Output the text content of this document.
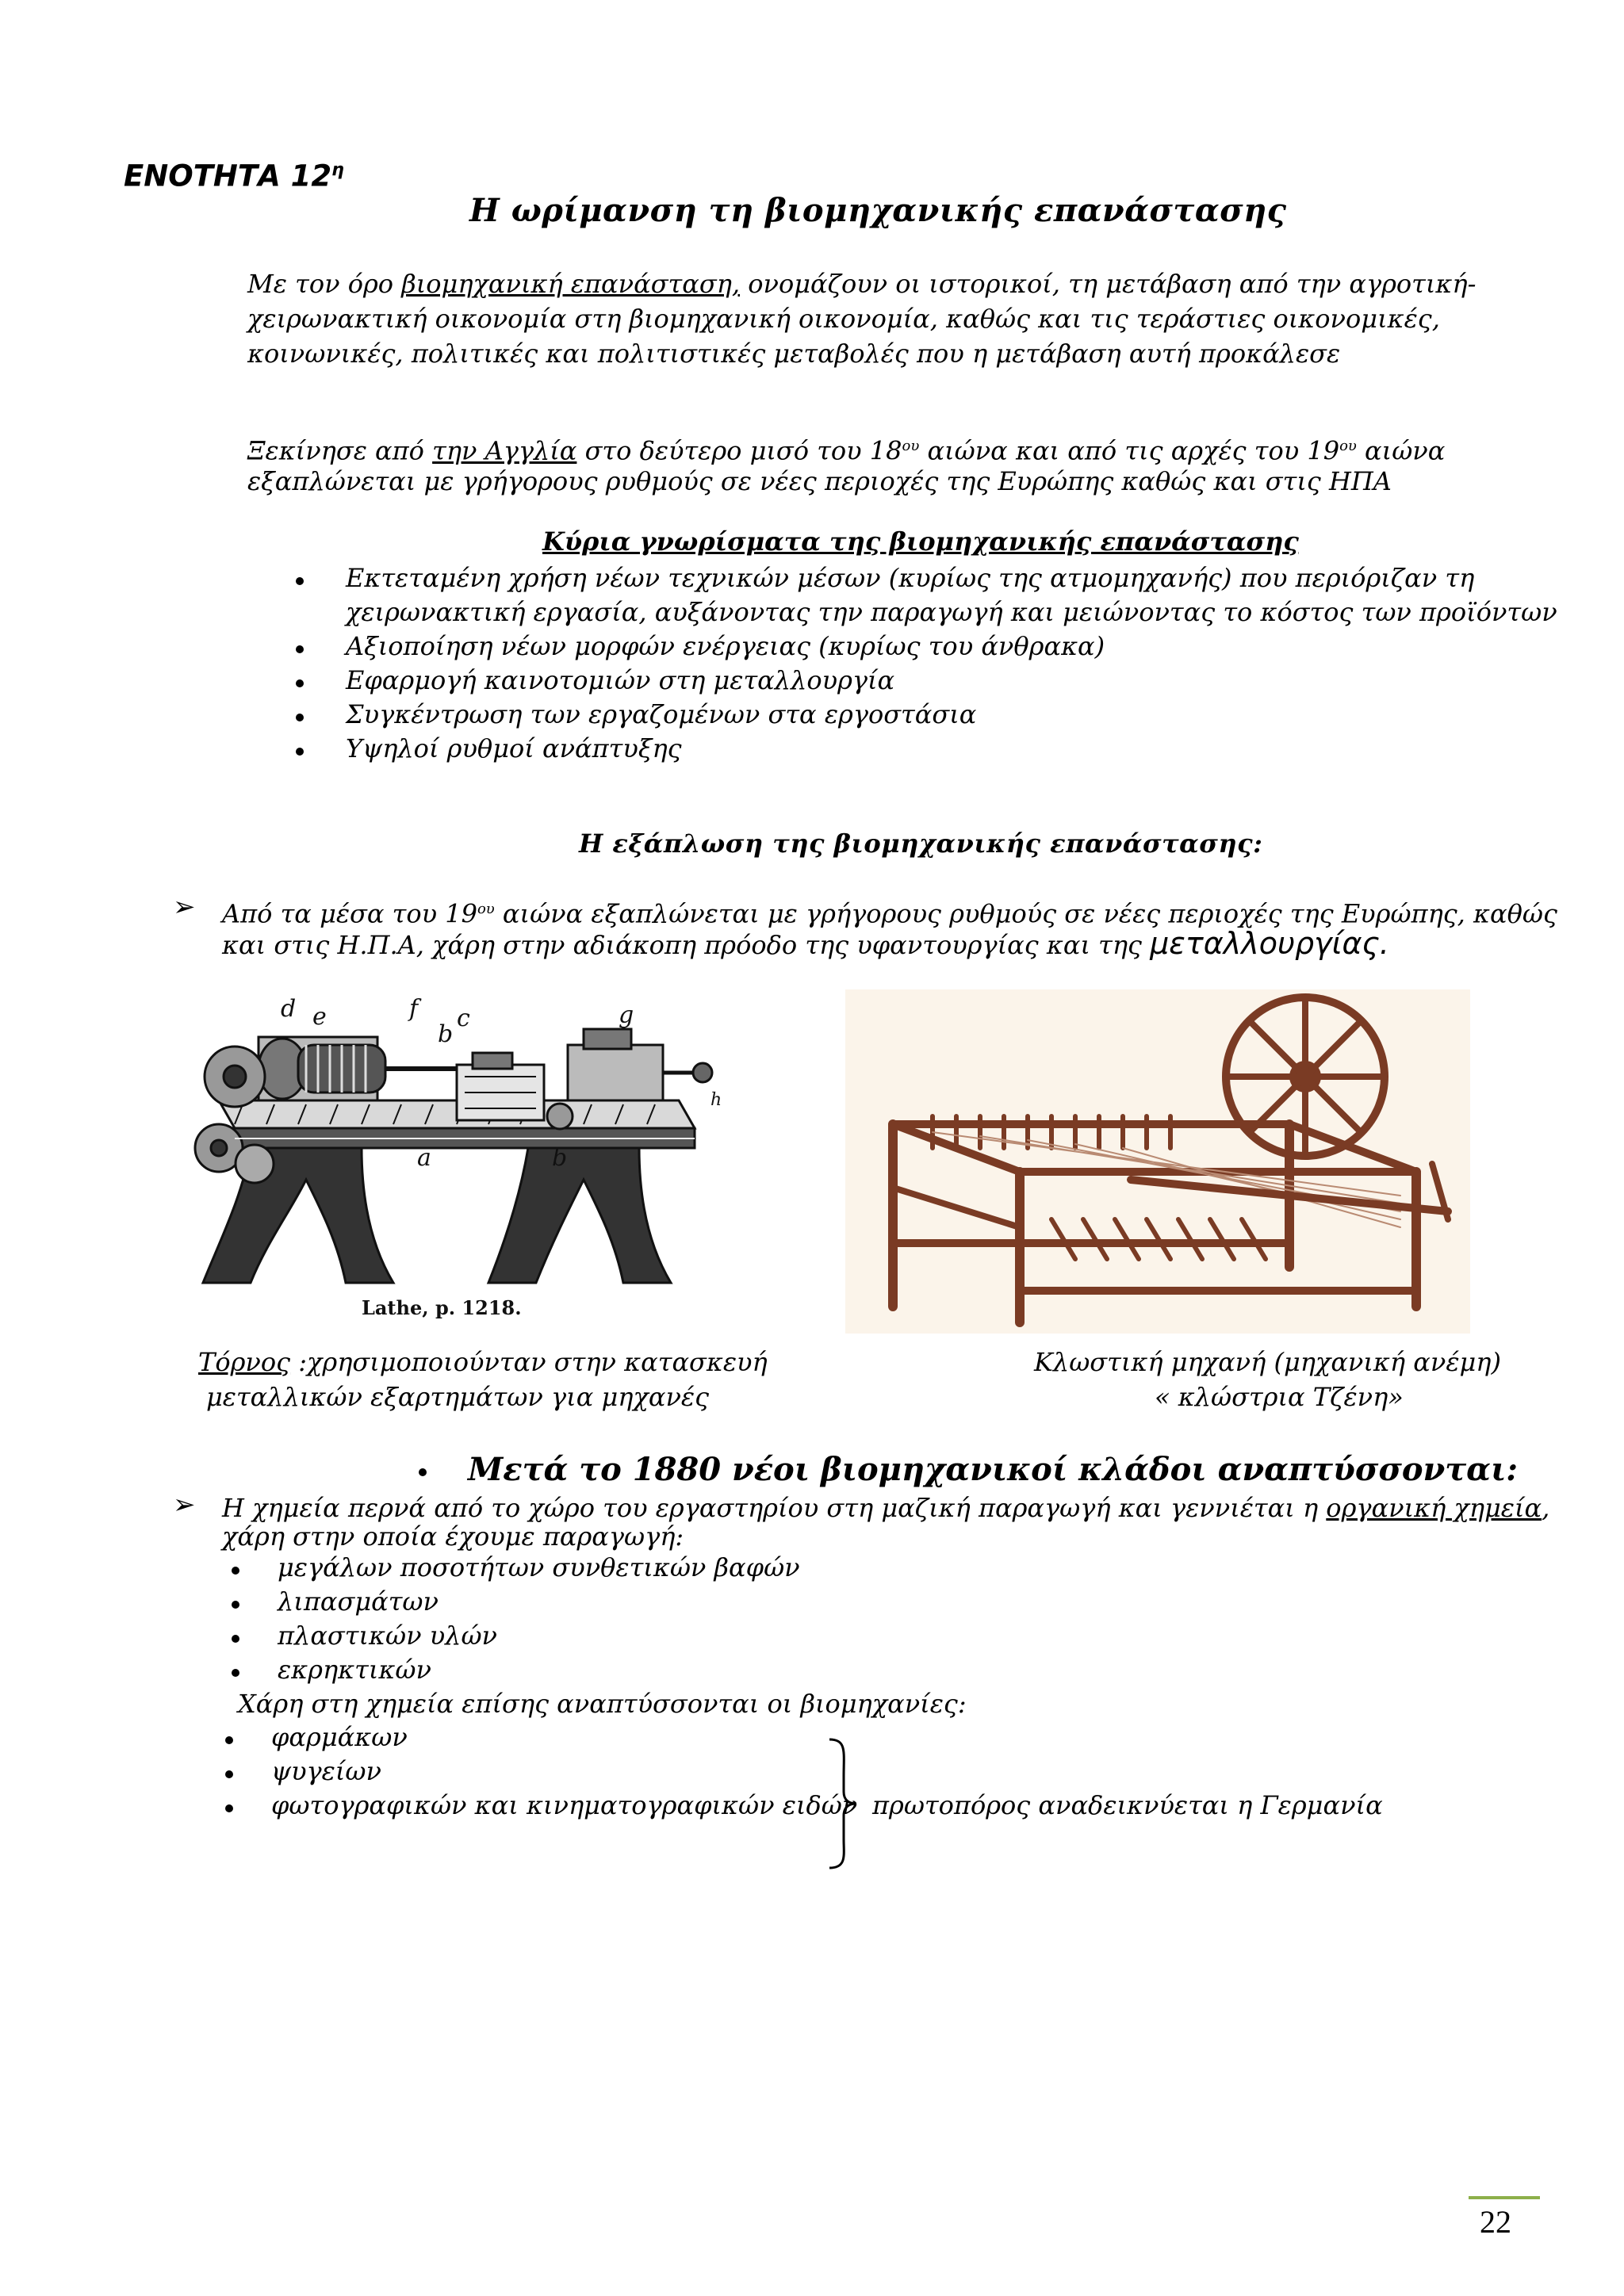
ΕΝΟΤΗΤΑ $12^\eta$
Η ωρίμανση τη βιομηχανικής επανάστασης
Με τον όρο βιομηχανική επανάσταση, ονομάζουν οι ιστορικοί, τη μετάβαση από την αγροτική-
χειρωνακτική οικονομία στη βιομηχανική οικονομία, καθώς και τις τεράστιες οικονομικές,
κοινωνικές, πολιτικές και πολιτιστικές μεταβολές που η μετάβαση αυτή προκάλεσε
Ξεκίνησε από την Αγγλία στο δεύτερο μισό του $18^{o\upsilon}$ αιώνα και από τις αρχές του $19^{o\upsilon}$ αιώνα
εξαπλώνεται με γρήγορους ρυθμούς σε νέες περιοχές της Ευρώπης καθώς και στις ΗΠΑ
Κύρια γνωρίσματα της βιομηχανικής επανάστασης
Εκτεταμένη χρήση νέων τεχνικών μέσων (κυρίως της ατμομηχανής) που περιόριζαν τη
χειρωνακτική εργασία, αυξάνοντας την παραγωγή και μειώνοντας το κόστος των προϊόντων
Αξιοποίηση νέων μορφών ενέργειας (κυρίως του άνθρακα)
Εφαρμογή καινοτομιών στη μεταλλουργία
Συγκέντρωση των εργαζομένων στα εργοστάσια
Υψηλοί ρυθμοί ανάπτυξης
Η εξάπλωση της βιομηχανικής επανάστασης:
➢ Από τα μέσα του $19^{o\upsilon}$ αιώνα εξαπλώνεται με γρήγορους ρυθμούς σε νέες περιοχές της Ευρώπης, καθώς
και στις Η.Π.Α, χάρη στην αδιάκοπη πρόοδο της υφαντουργίας και της μεταλλουργίας.
d e	f
b
g
c
h
a	b
Lathe, p. 1218.
Τόρνος :χρησιμοποιούνταν στην κατασκευή
μεταλλικών εξαρτημάτων για μηχανές
Κλωστική μηχανή (μηχανική ανέμη)
« κλώστρια Τζένη»
Μετά το 1880 νέοι βιομηχανικοί κλάδοι αναπτύσσονται:
➢ Η χημεία περνά από το χώρο του εργαστηρίου στη μαζική παραγωγή και γεννιέται η οργανική χημεία,
χάρη στην οποία έχουμε παραγωγή:
μεγάλων ποσοτήτων συνθετικών βαφών
λιπασμάτων
πλαστικών υλών
εκρηκτικών
Χάρη στη χημεία επίσης αναπτύσσονται οι βιομηχανίες:
φαρμάκων
ψυγείων
φωτογραφικών και κινηματογραφικών ειδών πρωτοπόρος αναδεικνύεται η Γερμανία
22
